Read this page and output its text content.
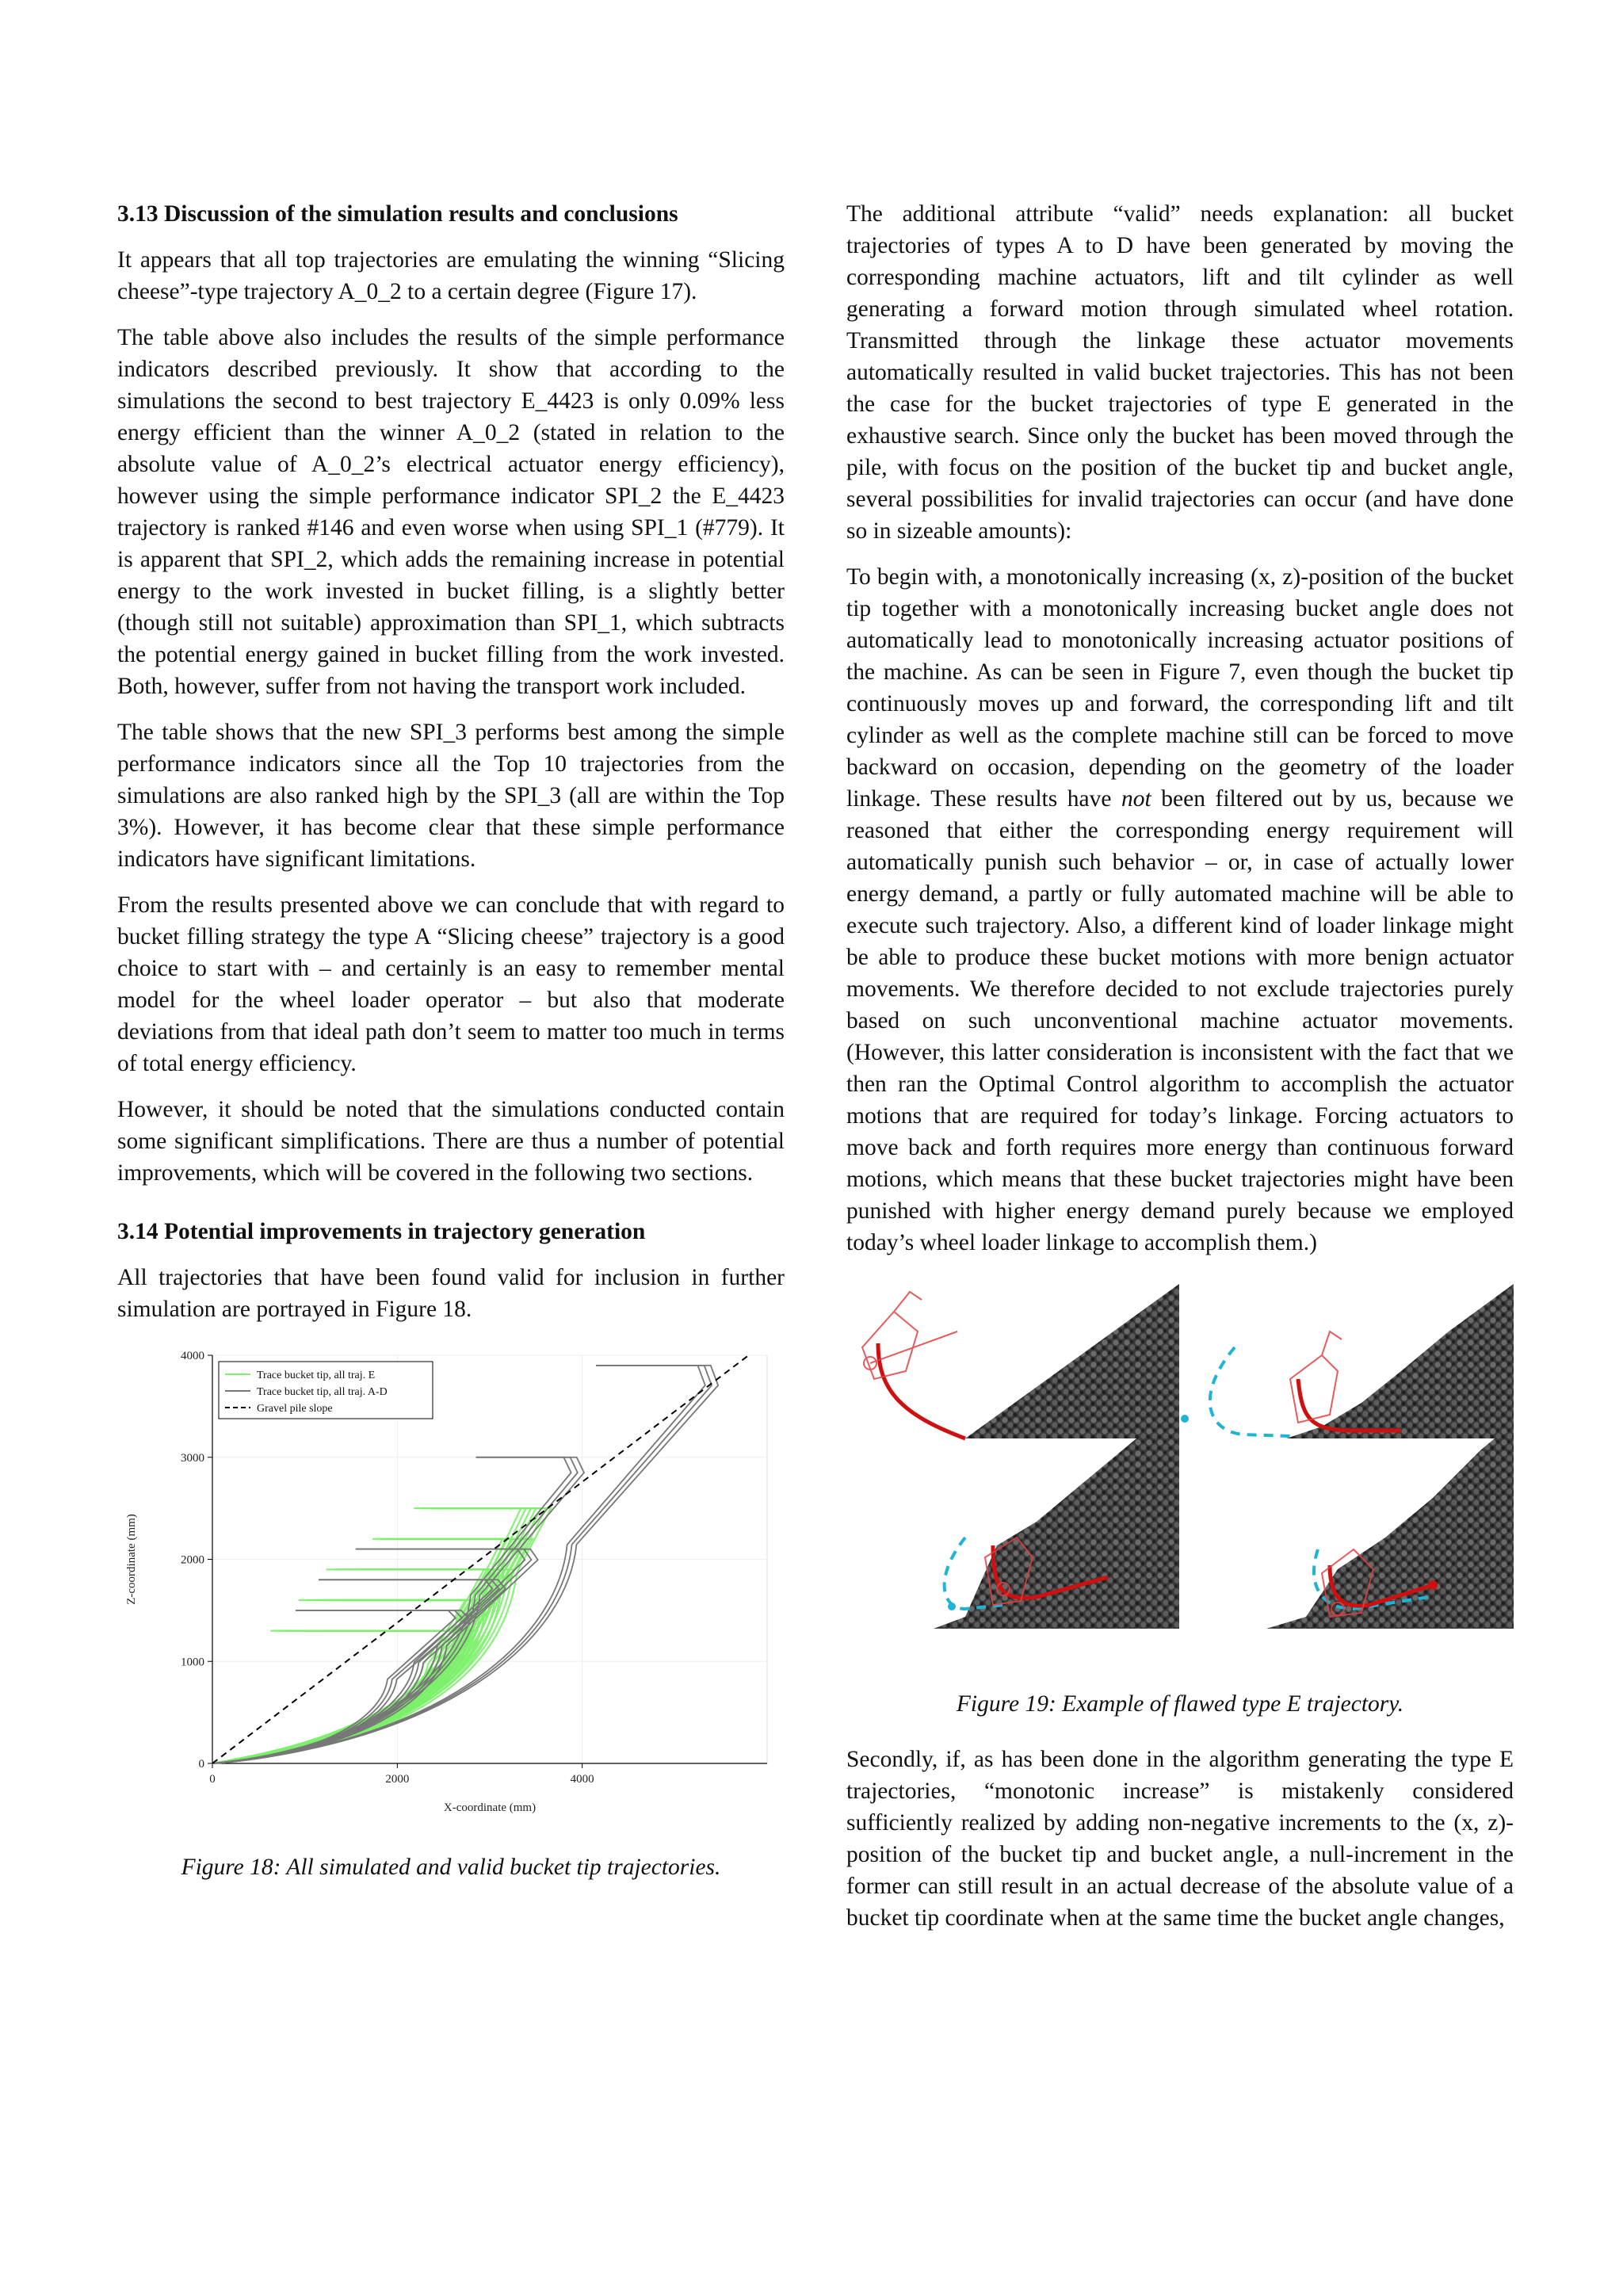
3.13 Discussion of the simulation results and conclusions

It appears that all top trajectories are emulating the winning “Slicing cheese”-type trajectory A_0_2 to a certain degree (Figure 17).

The table above also includes the results of the simple performance indicators described previously. It show that according to the simulations the second to best trajectory E_4423 is only 0.09% less energy efficient than the winner A_0_2 (stated in relation to the absolute value of A_0_2’s electrical actuator energy efficiency), however using the simple performance indicator SPI_2 the E_4423 trajectory is ranked #146 and even worse when using SPI_1 (#779). It is apparent that SPI_2, which adds the remaining increase in potential energy to the work invested in bucket filling, is a slightly better (though still not suitable) approximation than SPI_1, which subtracts the potential energy gained in bucket filling from the work invested. Both, however, suffer from not having the transport work included.

The table shows that the new SPI_3 performs best among the simple performance indicators since all the Top 10 trajectories from the simulations are also ranked high by the SPI_3 (all are within the Top 3%). However, it has become clear that these simple performance indicators have significant limitations.

From the results presented above we can conclude that with regard to bucket filling strategy the type A “Slicing cheese” trajectory is a good choice to start with – and certainly is an easy to remember mental model for the wheel loader operator – but also that moderate deviations from that ideal path don’t seem to matter too much in terms of total energy efficiency.

However, it should be noted that the simulations conducted contain some significant simplifications. There are thus a number of potential improvements, which will be covered in the following two sections.

3.14 Potential improvements in trajectory generation

All trajectories that have been found valid for inclusion in further simulation are portrayed in Figure 18.

0
1000
2000
3000
4000
0	2000	4000
X-coordinate (mm)
Z-coordinate (mm)
Trace bucket tip, all traj. E
Trace bucket tip, all traj. A-D
Gravel pile slope

Figure 18: All simulated and valid bucket tip trajectories.

The additional attribute “valid” needs explanation: all bucket trajectories of types A to D have been generated by moving the corresponding machine actuators, lift and tilt cylinder as well generating a forward motion through simulated wheel rotation. Transmitted through the linkage these actuator movements automatically resulted in valid bucket trajectories. This has not been the case for the bucket trajectories of type E generated in the exhaustive search. Since only the bucket has been moved through the pile, with focus on the position of the bucket tip and bucket angle, several possibilities for invalid trajectories can occur (and have done so in sizeable amounts):

To begin with, a monotonically increasing (x, z)-position of the bucket tip together with a monotonically increasing bucket angle does not automatically lead to monotonically increasing actuator positions of the machine. As can be seen in Figure 7, even though the bucket tip continuously moves up and forward, the corresponding lift and tilt cylinder as well as the complete machine still can be forced to move backward on occasion, depending on the geometry of the loader linkage. These results have not been filtered out by us, because we reasoned that either the corresponding energy requirement will automatically punish such behavior – or, in case of actually lower energy demand, a partly or fully automated machine will be able to execute such trajectory. Also, a different kind of loader linkage might be able to produce these bucket motions with more benign actuator movements. We therefore decided to not exclude trajectories purely based on such unconventional machine actuator movements. (However, this latter consideration is inconsistent with the fact that we then ran the Optimal Control algorithm to accomplish the actuator motions that are required for today’s linkage. Forcing actuators to move back and forth requires more energy than continuous forward motions, which means that these bucket trajectories might have been punished with higher energy demand purely because we employed today’s wheel loader linkage to accomplish them.)

Figure 19: Example of flawed type E trajectory.

Secondly, if, as has been done in the algorithm generating the type E trajectories, “monotonic increase” is mistakenly considered sufficiently realized by adding non-negative increments to the (x, z)-position of the bucket tip and bucket angle, a null-increment in the former can still result in an actual decrease of the absolute value of a bucket tip coordinate when at the same time the bucket angle changes,
